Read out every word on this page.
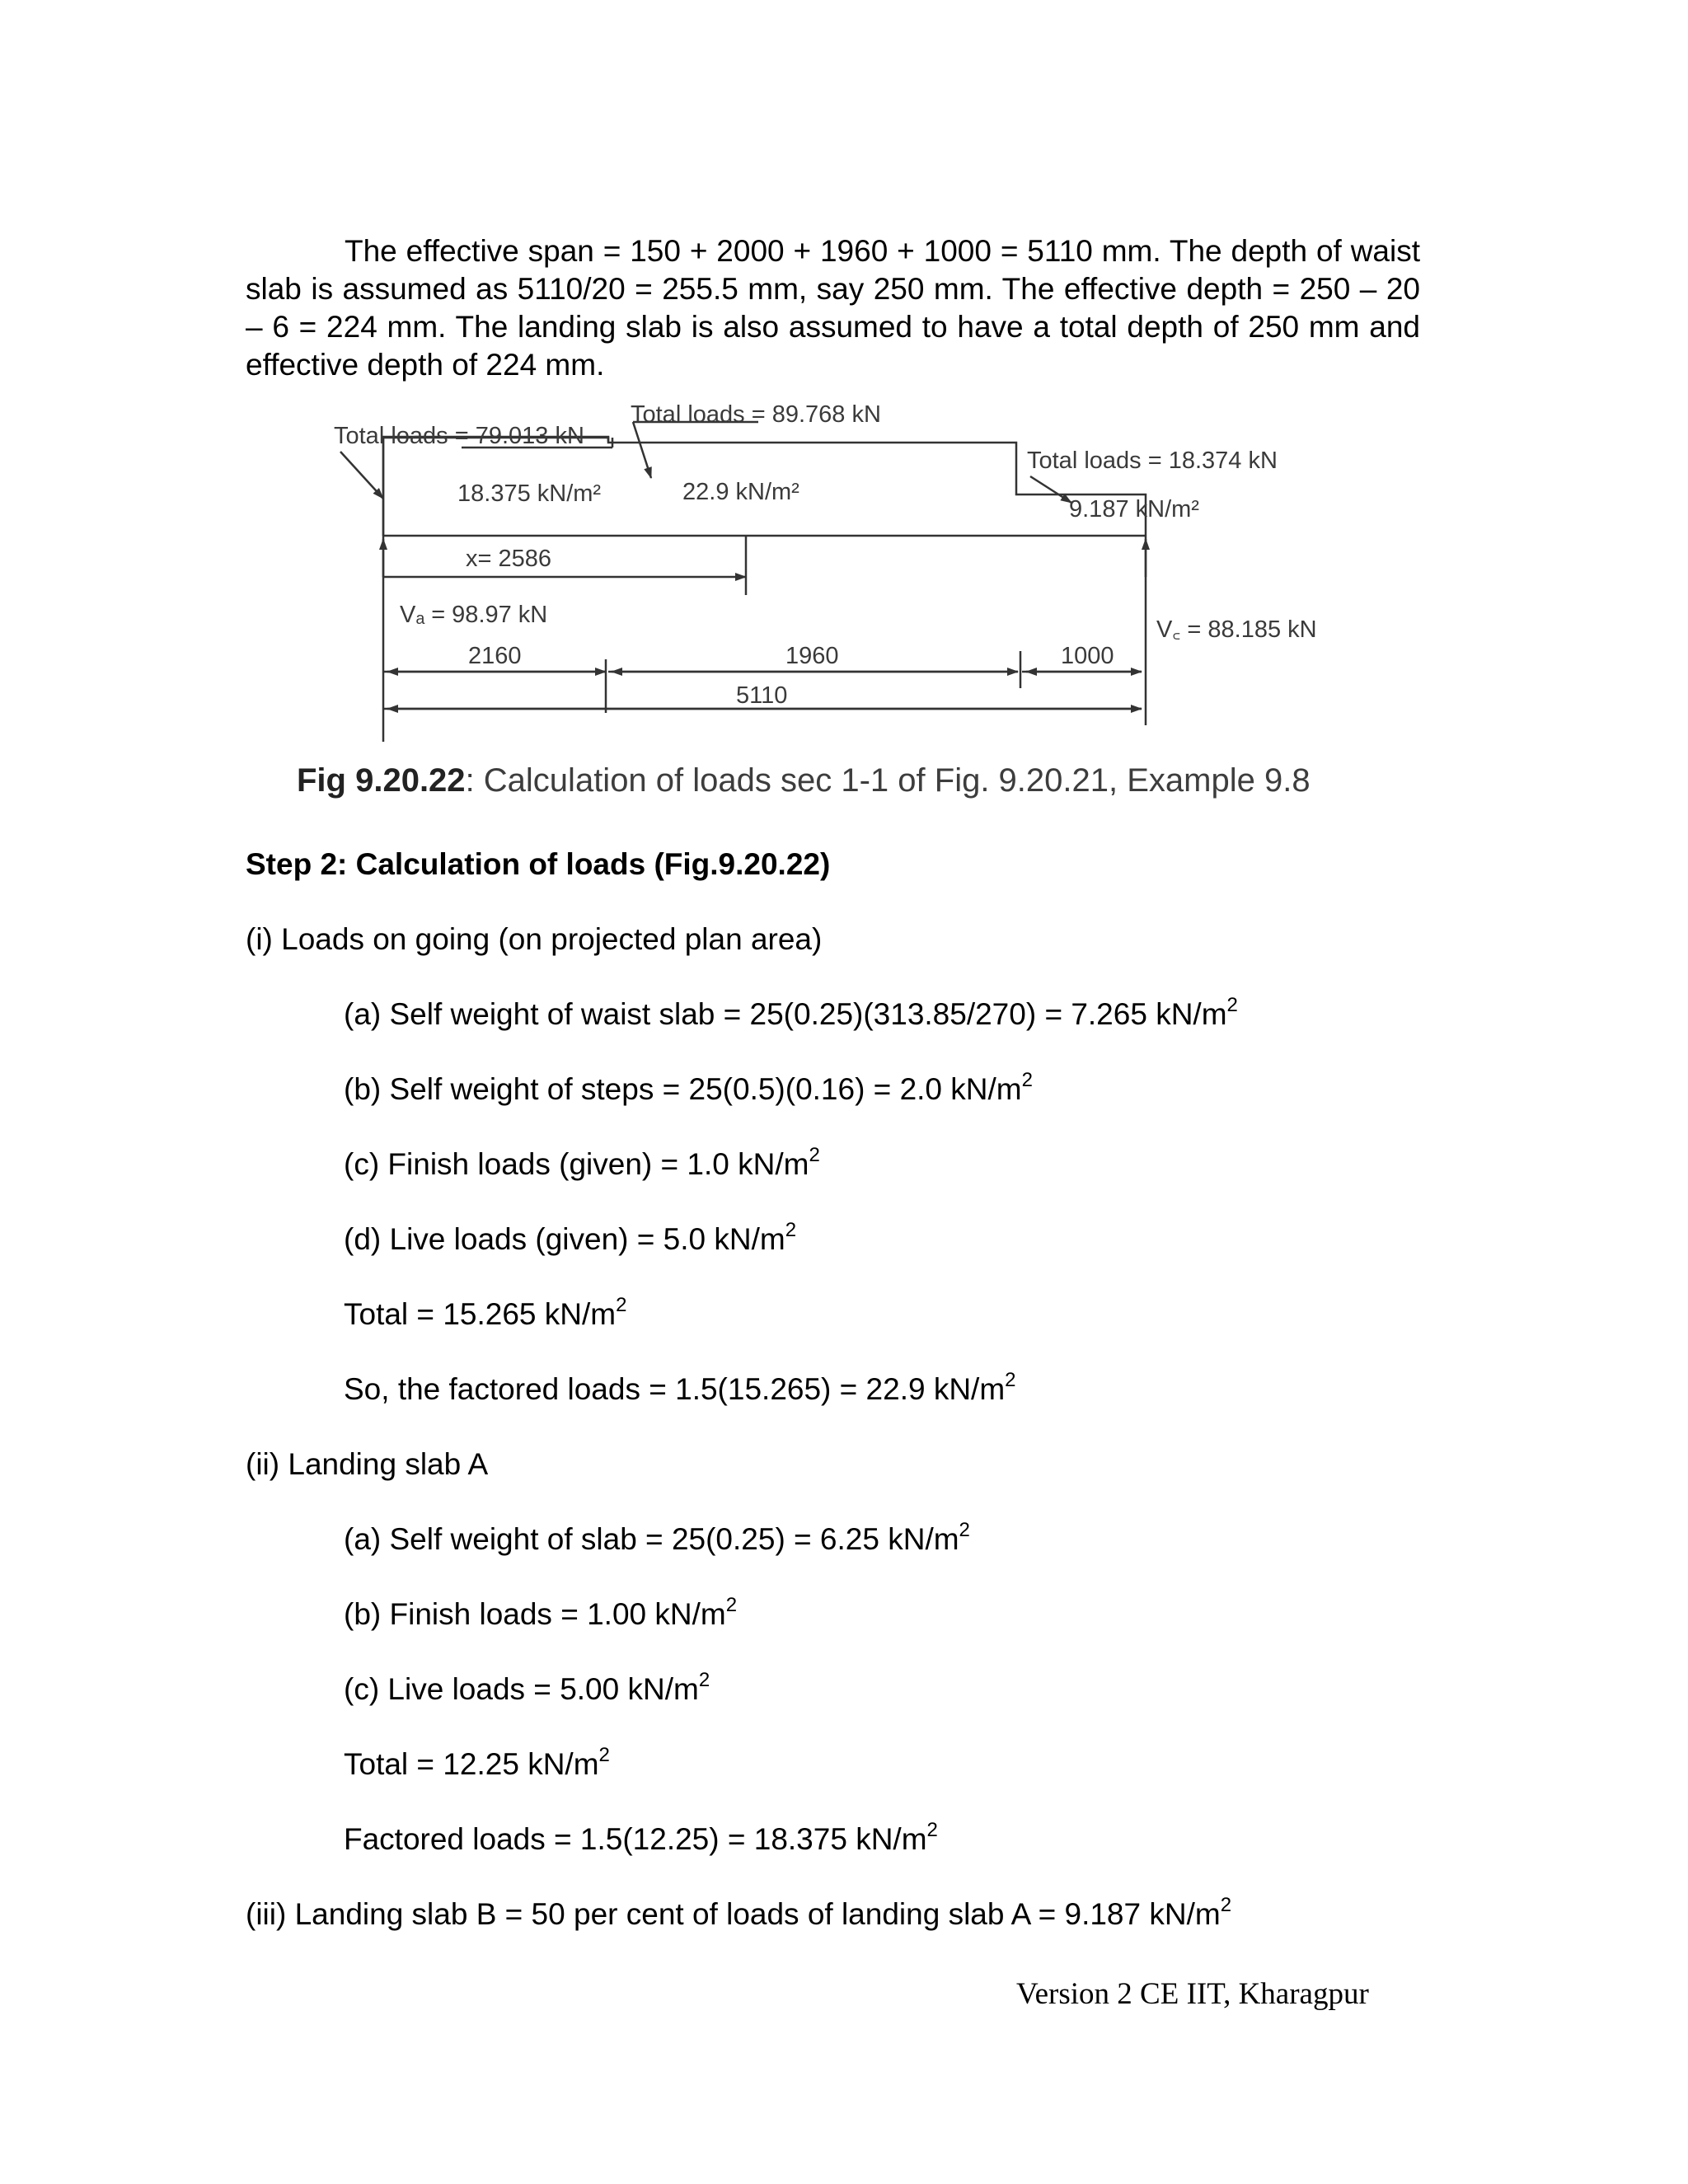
The effective span = 150 + 2000 + 1960 + 1000 = 5110 mm. The depth of waist slab is assumed as 5110/20 = 255.5 mm, say 250 mm. The effective depth = 250 – 20 – 6 = 224 mm. The landing slab is also assumed to have a total depth of 250 mm and effective depth of 224 mm.

Total loads = 79.013 kN
Total loads = 89.768 kN
Total loads = 18.374 kN
18.375 kN/m²	22.9 kN/m²
9.187 kN/m²
x= 2586
Vₐ = 98.97 kN
V꜀ = 88.185 kN
2160	1960	1000
5110
Fig 9.20.22: Calculation of loads sec 1-1 of Fig. 9.20.21, Example 9.8
Step 2: Calculation of loads (Fig.9.20.22)
(i) Loads on going (on projected plan area)
(a) Self weight of waist slab = 25(0.25)(313.85/270) = 7.265 $kN/m^2$
(b) Self weight of steps = 25(0.5)(0.16) = 2.0 $kN/m^2$
(c) Finish loads (given) = 1.0 $kN/m^2$
(d) Live loads (given) = 5.0 $kN/m^2$
Total = 15.265 $kN/m^2$
So, the factored loads = 1.5(15.265) = 22.9 $kN/m^2$
(ii) Landing slab A
(a) Self weight of slab = 25(0.25) = 6.25 $kN/m^2$
(b) Finish loads = 1.00 $kN/m^2$
(c) Live loads = 5.00 $kN/m^2$
Total = 12.25 $kN/m^2$
Factored loads = 1.5(12.25) = 18.375 $kN/m^2$
(iii) Landing slab B = 50 per cent of loads of landing slab A = 9.187 $kN/m^2$
Version 2 CE IIT, Kharagpur
